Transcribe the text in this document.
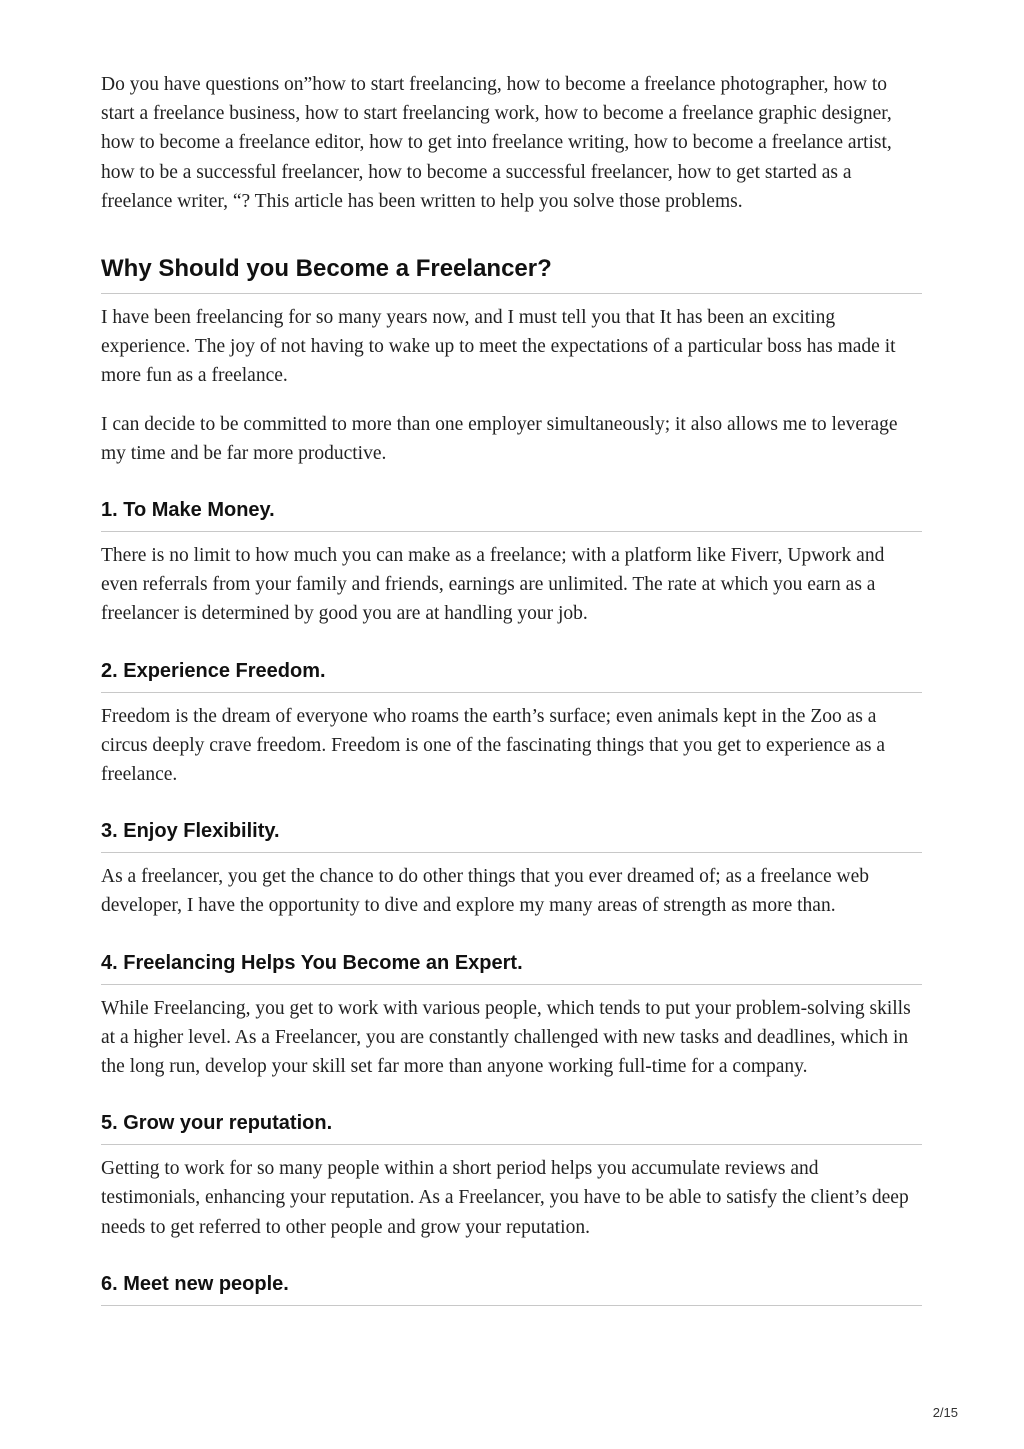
Do you have questions on”how to start freelancing, how to become a freelance photographer, how to start a freelance business, how to start freelancing work, how to become a freelance graphic designer, how to become a freelance editor, how to get into freelance writing, how to become a freelance artist, how to be a successful freelancer, how to become a successful freelancer, how to get started as a freelance writer, “? This article has been written to help you solve those problems.

Why Should you Become a Freelancer?

I have been freelancing for so many years now, and I must tell you that It has been an exciting experience. The joy of not having to wake up to meet the expectations of a particular boss has made it more fun as a freelance.

I can decide to be committed to more than one employer simultaneously; it also allows me to leverage my time and be far more productive.

1. To Make Money.

There is no limit to how much you can make as a freelance; with a platform like Fiverr, Upwork and even referrals from your family and friends, earnings are unlimited. The rate at which you earn as a freelancer is determined by good you are at handling your job.

2. Experience Freedom.

Freedom is the dream of everyone who roams the earth’s surface; even animals kept in the Zoo as a circus deeply crave freedom. Freedom is one of the fascinating things that you get to experience as a freelance.

3. Enjoy Flexibility.

As a freelancer, you get the chance to do other things that you ever dreamed of; as a freelance web developer, I have the opportunity to dive and explore my many areas of strength as more than.

4. Freelancing Helps You Become an Expert.

While Freelancing, you get to work with various people, which tends to put your problem-solving skills at a higher level. As a Freelancer, you are constantly challenged with new tasks and deadlines, which in the long run, develop your skill set far more than anyone working full-time for a company.

5. Grow your reputation.

Getting to work for so many people within a short period helps you accumulate reviews and testimonials, enhancing your reputation. As a Freelancer, you have to be able to satisfy the client’s deep needs to get referred to other people and grow your reputation.

6. Meet new people.
2/15
